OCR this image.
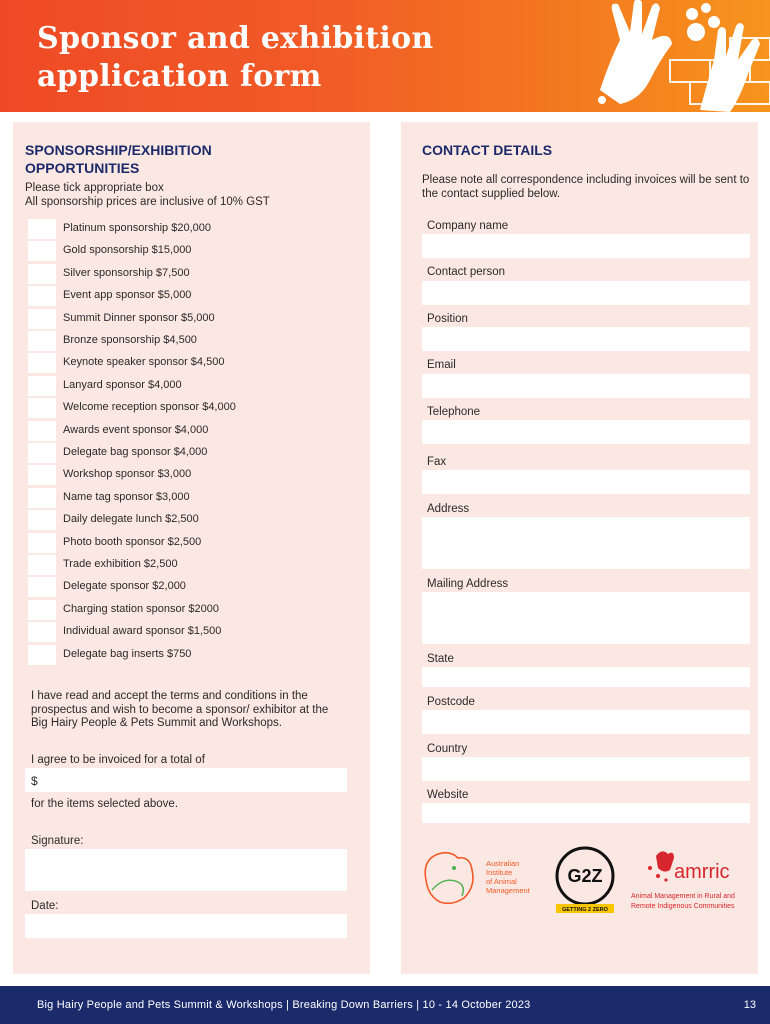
Sponsor and exhibition application form
SPONSORSHIP/EXHIBITION OPPORTUNITIES
Please tick appropriate box
All sponsorship prices are inclusive of 10% GST
Platinum sponsorship $20,000
Gold sponsorship $15,000
Silver sponsorship $7,500
Event app sponsor $5,000
Summit Dinner sponsor $5,000
Bronze sponsorship $4,500
Keynote speaker sponsor $4,500
Lanyard sponsor $4,000
Welcome reception sponsor $4,000
Awards event sponsor $4,000
Delegate bag sponsor $4,000
Workshop sponsor $3,000
Name tag sponsor $3,000
Daily delegate lunch $2,500
Photo booth sponsor $2,500
Trade exhibition $2,500
Delegate sponsor $2,000
Charging station sponsor $2000
Individual award sponsor $1,500
Delegate bag inserts $750
I have read and accept the terms and conditions in the prospectus and wish to become a sponsor/ exhibitor at the Big Hairy People & Pets Summit and Workshops.
I agree to be invoiced for a total of
$
for the items selected above.
Signature:
Date:
CONTACT DETAILS
Please note all correspondence including invoices will be sent to the contact supplied below.
Company name
Contact person
Position
Email
Telephone
Fax
Address
Mailing Address
State
Postcode
Country
Website
Australian
Institute
of Animal
Management
G2Z
GETTING 2 ZERO
amrric
Animal Management in Rural and
Remote Indigenous Communities
Big Hairy People and Pets Summit & Workshops | Breaking Down Barriers | 10 - 14 October 2023	13
